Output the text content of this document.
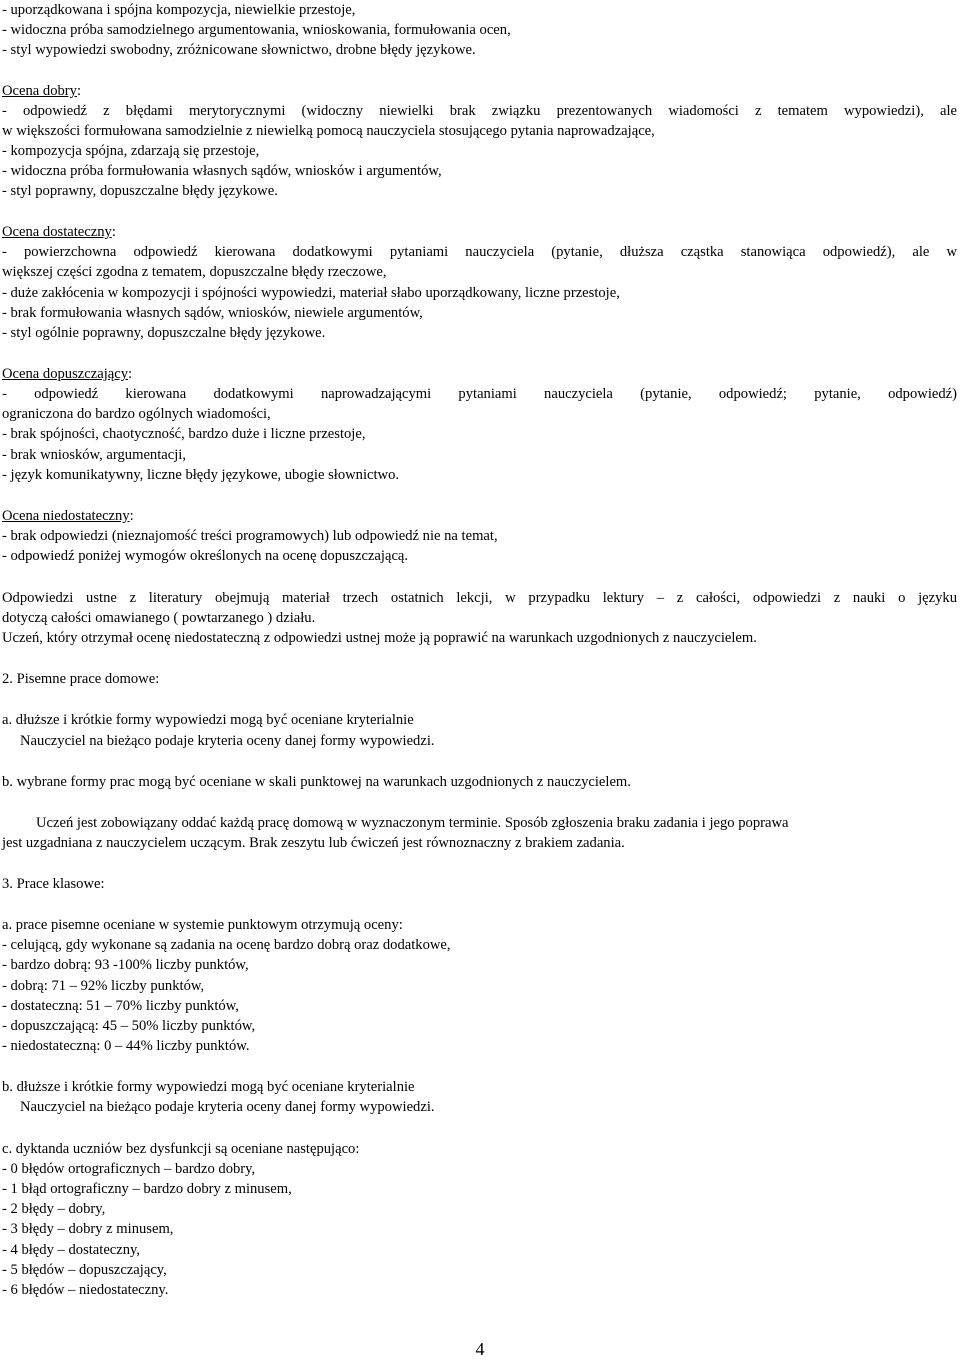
- uporządkowana i spójna kompozycja, niewielkie przestoje,
- widoczna próba samodzielnego argumentowania, wnioskowania, formułowania ocen,
- styl wypowiedzi swobodny, zróżnicowane słownictwo, drobne błędy językowe.
Ocena dobry:
- odpowiedź z błędami merytorycznymi (widoczny niewielki brak związku prezentowanych wiadomości z tematem wypowiedzi), ale
w większości formułowana samodzielnie z niewielką pomocą nauczyciela stosującego pytania naprowadzające,
- kompozycja spójna, zdarzają się przestoje,
- widoczna próba formułowania własnych sądów, wniosków i argumentów,
- styl poprawny, dopuszczalne błędy językowe.
Ocena dostateczny:
- powierzchowna odpowiedź kierowana dodatkowymi pytaniami nauczyciela (pytanie, dłuższa cząstka stanowiąca odpowiedź), ale w
większej części zgodna z tematem, dopuszczalne błędy rzeczowe,
- duże zakłócenia w kompozycji i spójności wypowiedzi, materiał słabo uporządkowany, liczne przestoje,
- brak formułowania własnych sądów, wniosków, niewiele argumentów,
- styl ogólnie poprawny, dopuszczalne błędy językowe.
Ocena dopuszczający:
- odpowiedź kierowana dodatkowymi naprowadzającymi pytaniami nauczyciela (pytanie, odpowiedź; pytanie, odpowiedź)
ograniczona do bardzo ogólnych wiadomości,
- brak spójności, chaotyczność, bardzo duże i liczne przestoje,
- brak wniosków, argumentacji,
- język komunikatywny, liczne błędy językowe, ubogie słownictwo.
Ocena niedostateczny:
- brak odpowiedzi (nieznajomość treści programowych) lub odpowiedź nie na temat,
- odpowiedź poniżej wymogów określonych na ocenę dopuszczającą.
Odpowiedzi ustne z literatury obejmują materiał trzech ostatnich lekcji, w przypadku lektury – z całości, odpowiedzi z nauki o języku
dotyczą całości omawianego ( powtarzanego ) działu.
Uczeń, który otrzymał ocenę niedostateczną z odpowiedzi ustnej może ją poprawić na warunkach uzgodnionych z nauczycielem.
2. Pisemne prace domowe:
a. dłuższe i krótkie formy wypowiedzi mogą być oceniane kryterialnie
Nauczyciel na bieżąco podaje kryteria oceny danej formy wypowiedzi.
b. wybrane formy prac mogą być oceniane w skali punktowej na warunkach uzgodnionych z nauczycielem.
Uczeń jest zobowiązany oddać każdą pracę domową w wyznaczonym terminie. Sposób zgłoszenia braku zadania i jego poprawa
jest uzgadniana z nauczycielem uczącym. Brak zeszytu lub ćwiczeń jest równoznaczny z brakiem zadania.
3. Prace klasowe:
a. prace pisemne oceniane w systemie punktowym otrzymują oceny:
- celującą, gdy wykonane są zadania na ocenę bardzo dobrą oraz dodatkowe,
- bardzo dobrą: 93 -100% liczby punktów,
- dobrą: 71 – 92% liczby punktów,
- dostateczną: 51 – 70% liczby punktów,
- dopuszczającą: 45 – 50% liczby punktów,
- niedostateczną: 0 – 44% liczby punktów.
b. dłuższe i krótkie formy wypowiedzi mogą być oceniane kryterialnie
Nauczyciel na bieżąco podaje kryteria oceny danej formy wypowiedzi.
c. dyktanda uczniów bez dysfunkcji są oceniane następująco:
- 0 błędów ortograficznych – bardzo dobry,
- 1 błąd ortograficzny – bardzo dobry z minusem,
- 2 błędy – dobry,
- 3 błędy – dobry z minusem,
- 4 błędy – dostateczny,
- 5 błędów – dopuszczający,
- 6 błędów – niedostateczny.
4
